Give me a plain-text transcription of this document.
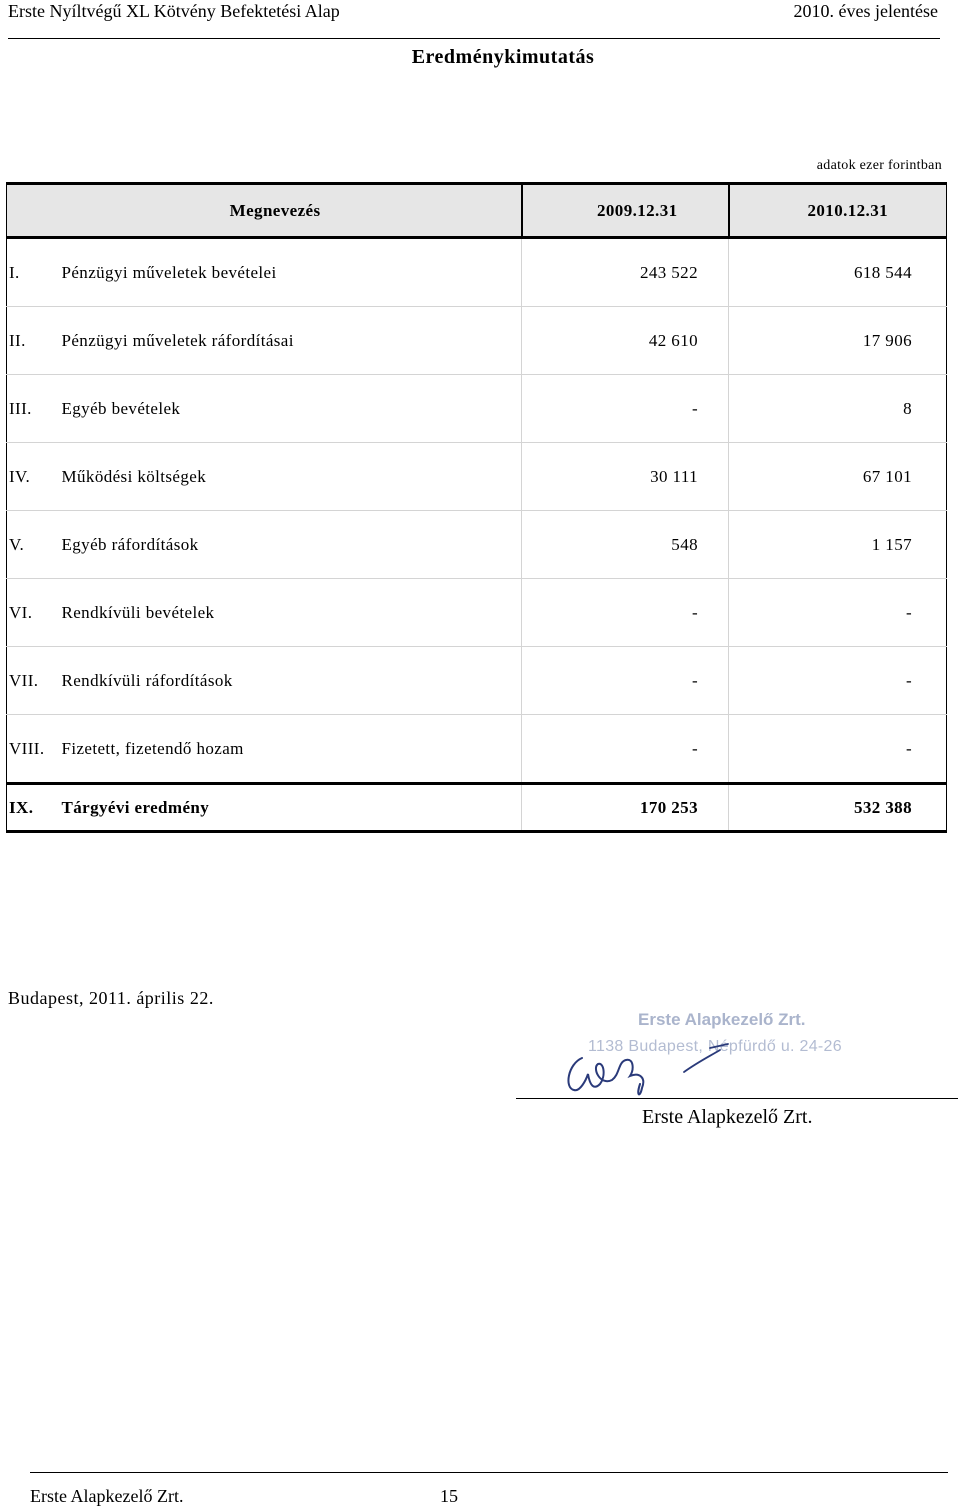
Erste Nyíltvégű XL Kötvény Befektetési Alap	2010. éves jelentése
Eredménykimutatás
adatok ezer forintban
Megnevezés		2009.12.31	2010.12.31
I.	Pénzügyi műveletek bevételei	243 522	618 544
II.	Pénzügyi műveletek ráfordításai	42 610	17 906
III.	Egyéb bevételek	-	8
IV.	Működési költségek	30 111	67 101
V.	Egyéb ráfordítások	548	1 157
VI.	Rendkívüli bevételek	-	-
VII.	Rendkívüli ráfordítások	-	-
VIII.	Fizetett, fizetendő hozam	-	-
IX.	Tárgyévi eredmény	170 253	532 388
Budapest, 2011. április 22.
Erste Alapkezelő Zrt.
1138 Budapest, Népfürdő u. 24-26
Erste Alapkezelő Zrt.
Erste Alapkezelő Zrt.	15
